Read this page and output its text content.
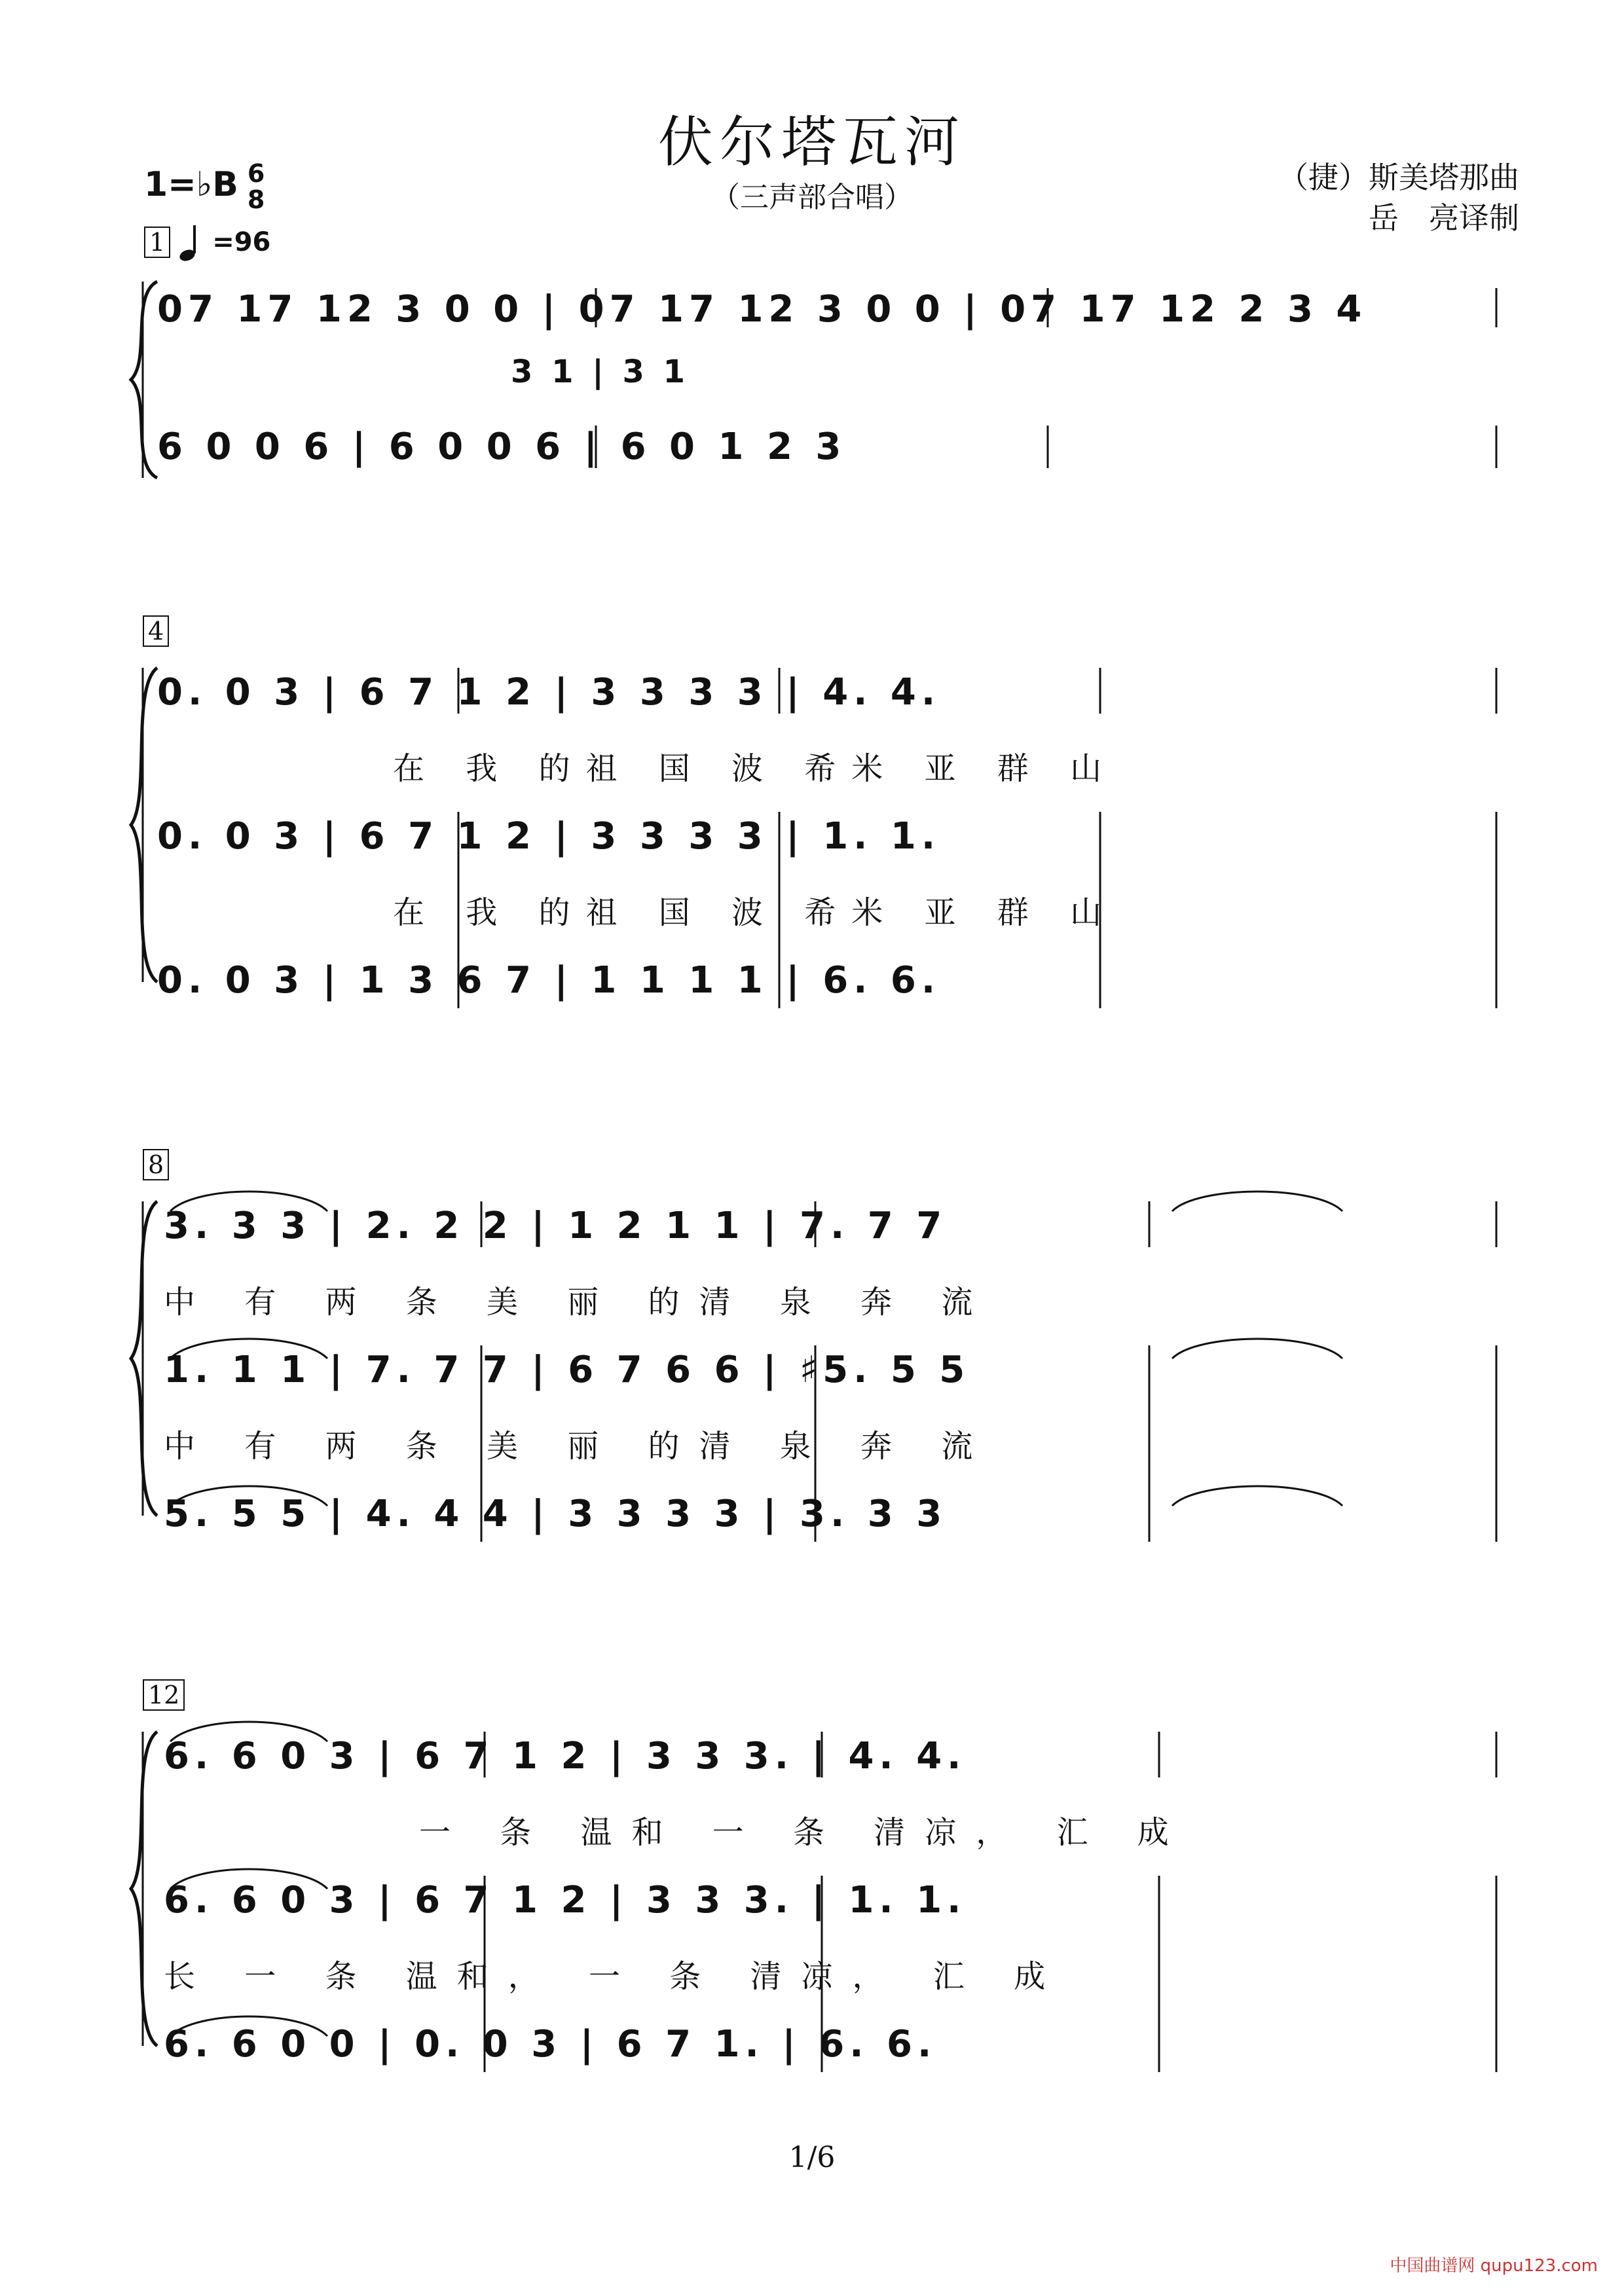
伏尔塔瓦河
（三声部合唱）
1=♭B 6
8
1 =96
（捷）斯美塔那曲
岳　亮译制
07 17 12 3 0 0 | 07 17 12 3 0 0 | 07 17 12 2 3 4
3 1 | 3 1
6 0 0 6 | 6 0 0 6 | 6 0 1 2 3
4
0. 0 3 | 6 7 1 2 | 3 3 3 3 | 4. 4.
在 我 的祖 国 波 希米 亚 群 山
0. 0 3 | 6 7 1 2 | 3 3 3 3 | 1. 1.
在 我 的祖 国 波 希米 亚 群 山
0. 0 3 | 1 3 6 7 | 1 1 1 1 | 6. 6.
8
3. 3 3 | 2. 2 2 | 1 2 1 1 | 7. 7 7
中 有 两 条 美 丽 的清 泉 奔 流
1. 1 1 | 7. 7 7 | 6 7 6 6 | ♯5. 5 5
中 有 两 条 美 丽 的清 泉 奔 流
5. 5 5 | 4. 4 4 | 3 3 3 3 | 3. 3 3
12
6. 6 0 3 | 6 7 1 2 | 3 3 3. | 4. 4.
一 条 温和 一 条 清凉， 汇 成
6. 6 0 3 | 6 7 1 2 | 3 3 3. | 1. 1.
长 一 条 温和， 一 条 清凉， 汇 成
6. 6 0 0 | 0. 0 3 | 6 7 1. | 6. 6.
1/6
中国曲谱网 qupu123.com
